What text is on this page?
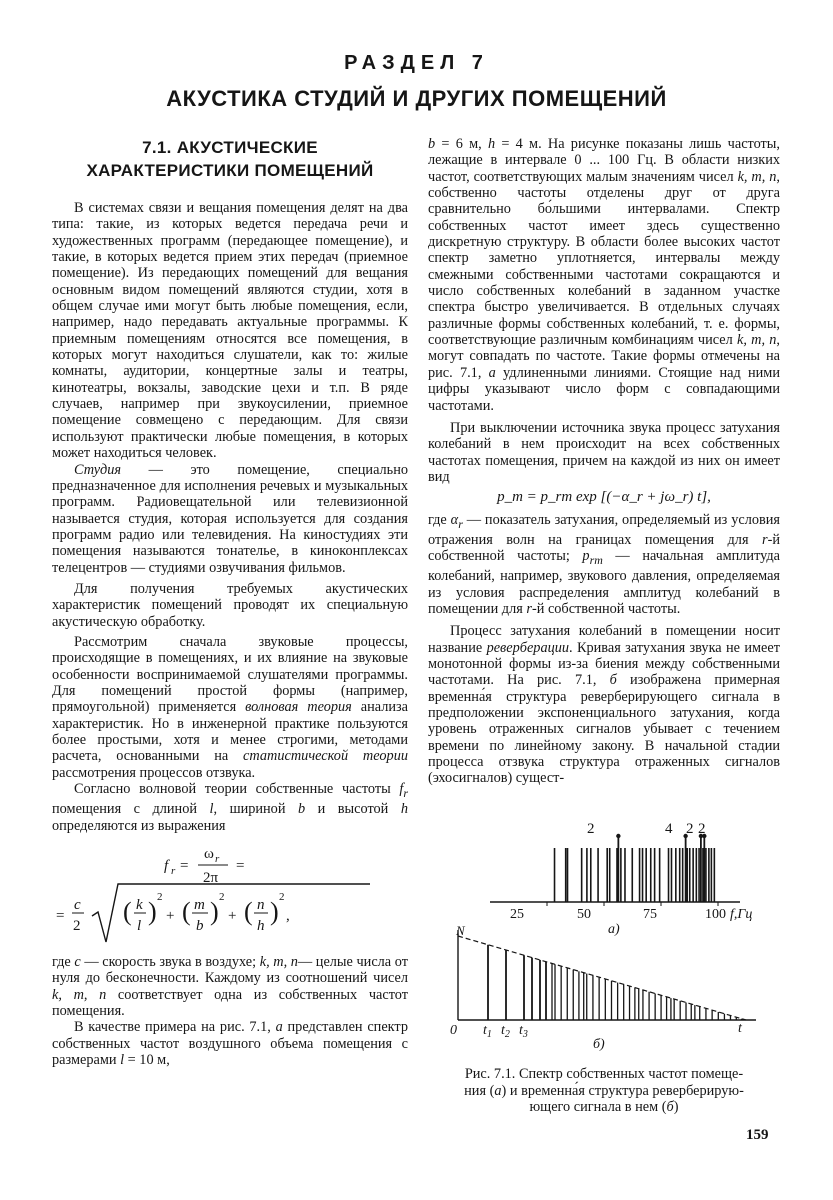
РАЗДЕЛ 7
АКУСТИКА СТУДИЙ И ДРУГИХ ПОМЕЩЕНИЙ
7.1. АКУСТИЧЕСКИЕ
ХАРАКТЕРИСТИКИ ПОМЕЩЕНИЙ

В системах связи и вещания помещения делят на два типа: такие, из которых ведется передача речи и художественных программ (передающее помещение), и такие, в которых ведется прием этих передач (приемное помещение). Из передающих помещений для вещания основным видом помещений являются студии, хотя в общем случае ими могут быть любые помещения, если, например, надо передавать актуальные программы. К приемным помещениям относятся все помещения, в которых могут находиться слушатели, как то: жилые комнаты, аудитории, концертные залы и театры, кинотеатры, вокзалы, заводские цехи и т.п. В ряде случаев, например при звукоусилении, приемное помещение совмещено с передающим. Для связи используют практически любые помещения, в которых может находиться человек.

Студия — это помещение, специально предназначенное для исполнения речевых и музыкальных программ. Радиовещательной или телевизионной называется студия, которая используется для создания программ радио или телевидения. На киностудиях эти помещения называются тонателье, в киноконплексах телецентров — студиями озвучивания фильмов.

Для получения требуемых акустических характеристик помещений проводят их специальную акустическую обработку.

Рассмотрим сначала звуковые процессы, происходящие в помещениях, и их влияние на звуковые особенности воспринимаемой слушателями программы. Для помещений простой формы (например, прямоугольной) применяется волновая теория анализа характеристик. Но в инженерной практике пользуются более простыми, хотя и менее строгими, методами расчета, основанными на статистической теории рассмотрения процессов отзвука.

Согласно волновой теории собственные частоты $f_r$ помещения с длиной l, шириной b и высотой h определяются из выражения

f r =
ω r
2π
=
=
c
2 ( k
l ) 2
+ ( m
b ) 2
+ ( n
h ) 2
,

где c — скорость звука в воздухе; k, m, n— целые числа от нуля до бесконечности. Каждому из соотношений чисел k, m, n соответствует одна из собственных частот помещения.

В качестве примера на рис. 7.1, а представлен спектр собственных частот воздушного объема помещения с размерами l = 10 м,

b = 6 м, h = 4 м. На рисунке показаны лишь частоты, лежащие в интервале 0 ... 100 Гц. В области низких частот, соответствующих малым значениям чисел k, m, n, собственно частоты отделены друг от друга сравнительно бо́льшими интервалами. Спектр собственных частот имеет здесь существенно дискретную структуру. В области более высоких частот спектр заметно уплотняется, интервалы между смежными собственными частотами сокращаются и число собственных колебаний в заданном участке спектра быстро увеличивается. В отдельных случаях различные формы собственных колебаний, т. е. формы, соответствующие различным комбинациям чисел k, m, n, могут совпадать по частоте. Такие формы отмечены на рис. 7.1, а удлиненными линиями. Стоящие над ними цифры указывают число форм с совпадающими частотами.

При выключении источника звука процесс затухания колебаний в нем происходит на всех собственных частотах помещения, причем на каждой из них он имеет вид

p_m = p_rm exp [(−α_r + jω_r) t],

где $\alpha_r$ — показатель затухания, определяемый из условия отражения волн на границах помещения для r-й собственной частоты; $p_{rm}$ — начальная амплитуда колебаний, например, звукового давления, определяемая из условия распределения амплитуд колебаний в помещении для r-й собственной частоты.

Процесс затухания колебаний в помещении носит название реверберации. Кривая затухания звука не имеет монотонной формы из-за биения между собственными частотами. На рис. 7.1, б изображена примерная временна́я структура реверберирующего сигнала в предположении экспоненциального затухания, когда уровень отраженных сигналов убывает с течением времени по линейному закону. В начальной стадии процесса отзвука структура отраженных сигналов (эхосигналов) сущест-

2	4 2 2
25	50	75	100 f,Гц
а)
N
0 $t_1$ $t_2$ $t_3$	t
б)
Рис. 7.1. Спектр собственных частот помеще-
ния (а) и временна́я структура реверберирую-
ющего сигнала в нем (б)
159
